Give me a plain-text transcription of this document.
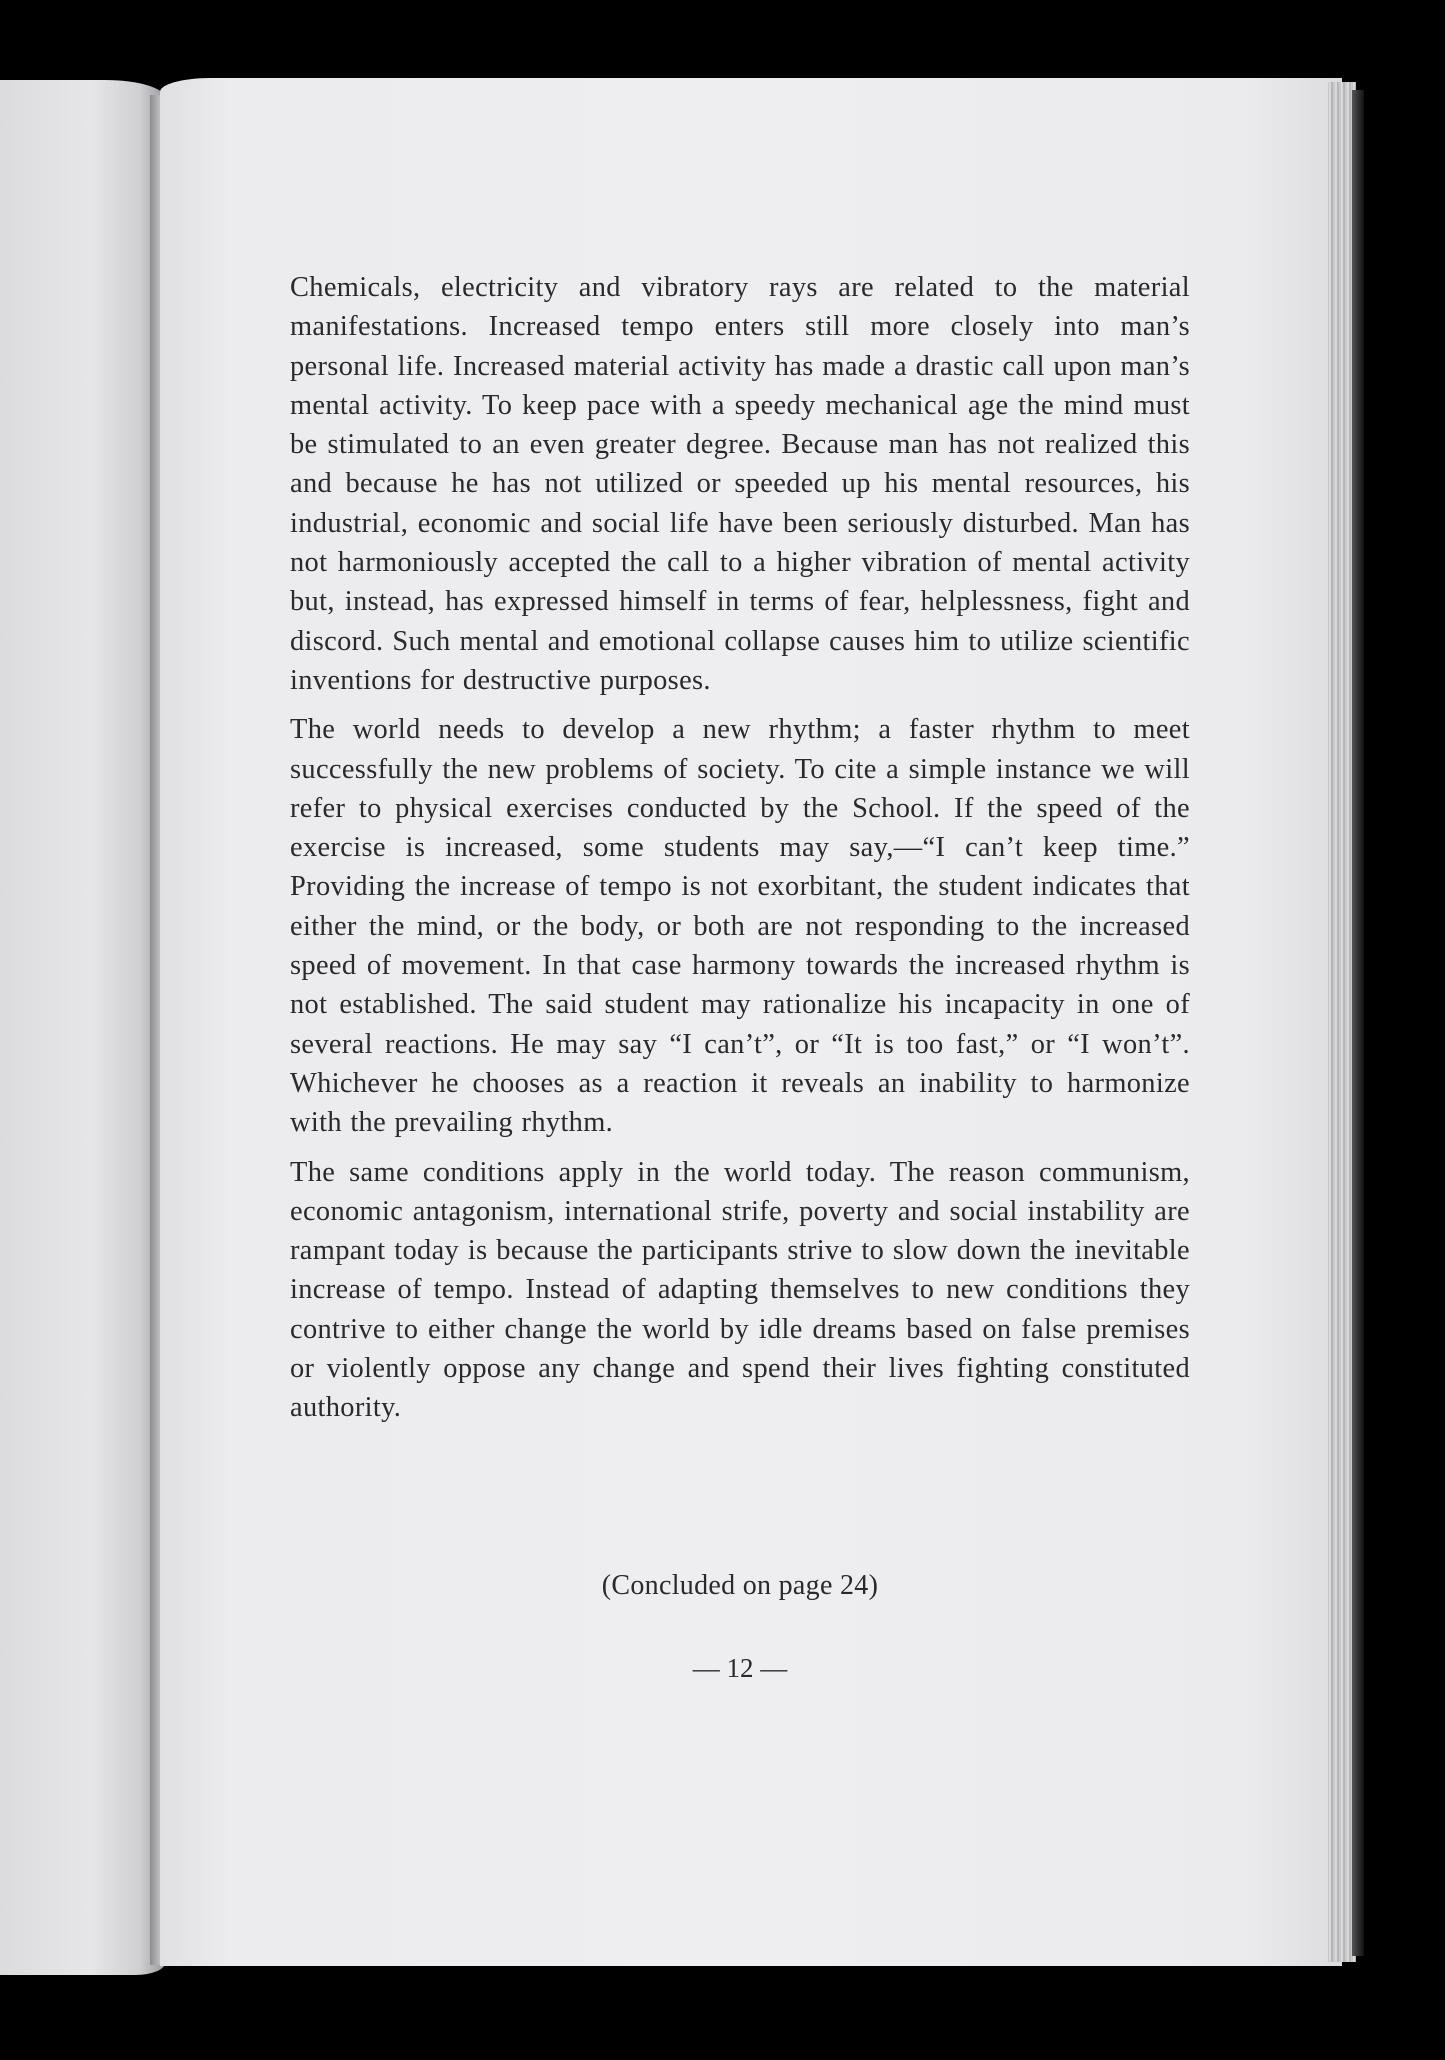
Chemicals, electricity and vibratory rays are related to the material manifestations. Increased tempo enters still more closely into man’s personal life. Increased material activity has made a drastic call upon man’s mental activity. To keep pace with a speedy mechanical age the mind must be stimulated to an even greater degree. Because man has not realized this and because he has not utilized or speeded up his mental resources, his industrial, economic and social life have been seriously disturbed. Man has not harmoniously accepted the call to a higher vibration of mental activity but, instead, has expressed himself in terms of fear, helplessness, fight and discord. Such mental and emotional collapse causes him to utilize scientific inventions for destructive purposes.

The world needs to develop a new rhythm; a faster rhythm to meet successfully the new problems of society. To cite a simple instance we will refer to physical exercises conducted by the School. If the speed of the exercise is increased, some students may say,—“I can’t keep time.” Providing the increase of tempo is not exorbitant, the student indicates that either the mind, or the body, or both are not responding to the increased speed of movement. In that case harmony towards the increased rhythm is not established. The said student may rationalize his incapacity in one of several reactions. He may say “I can’t”, or “It is too fast,” or “I won’t”. Whichever he chooses as a reaction it reveals an inability to harmonize with the prevailing rhythm.

The same conditions apply in the world today. The reason communism, economic antagonism, international strife, poverty and social instability are rampant today is because the participants strive to slow down the inevitable increase of tempo. Instead of adapting themselves to new conditions they contrive to either change the world by idle dreams based on false premises or violently oppose any change and spend their lives fighting constituted authority.

(Concluded on page 24)
— 12 —
